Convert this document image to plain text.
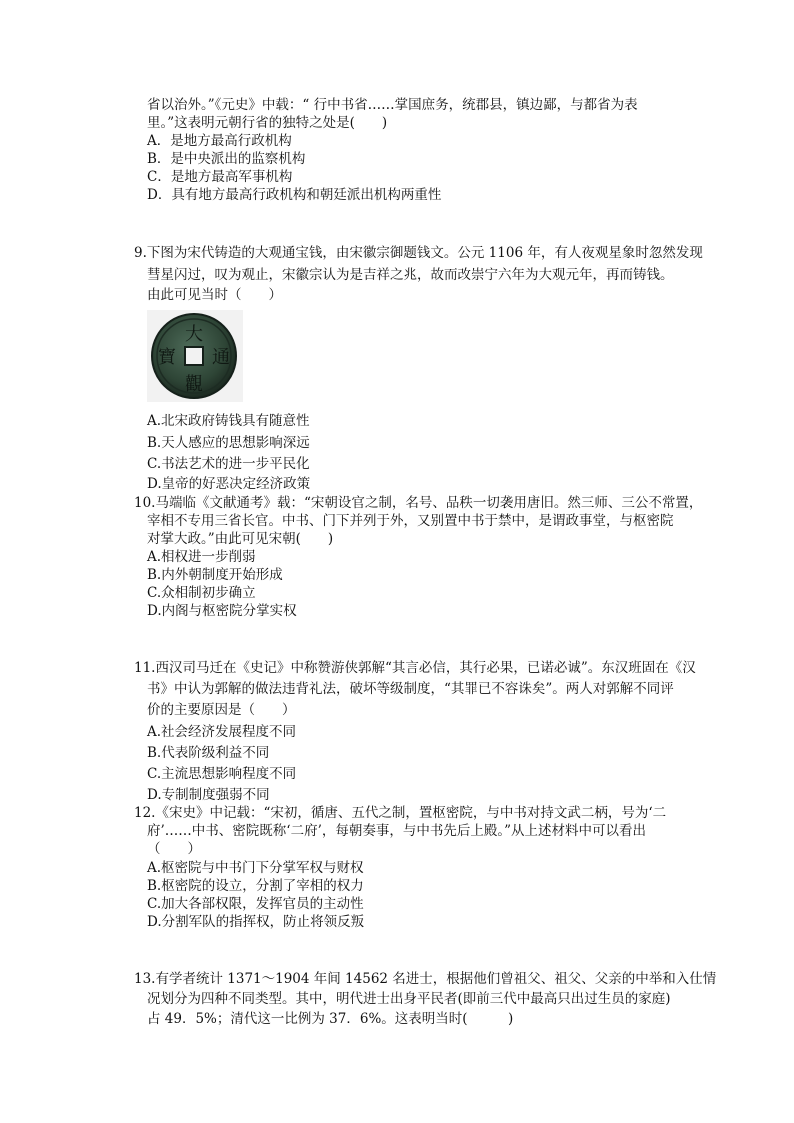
省以治外。”《元史》中载：“ 行中书省……掌国庶务，统郡县，镇边鄙，与都省为表
里。”这表明元朝行省的独特之处是(　　)
A．是地方最高行政机构
B．是中央派出的监察机构
C．是地方最高军事机构
D．具有地方最高行政机构和朝廷派出机构两重性
9.下图为宋代铸造的大观通宝钱，由宋徽宗御题钱文。公元 1106 年，有人夜观星象时忽然发现
彗星闪过，叹为观止，宋徽宗认为是吉祥之兆，故而改崇宁六年为大观元年，再而铸钱。
由此可见当时（　　）
大
觀
通
寶
A.北宋政府铸钱具有随意性
B.天人感应的思想影响深远
C.书法艺术的进一步平民化
D.皇帝的好恶决定经济政策
10.马端临《文献通考》载：“宋朝设官之制，名号、品秩一切袭用唐旧。然三师、三公不常置，
宰相不专用三省长官。中书、门下并列于外，又别置中书于禁中，是谓政事堂，与枢密院
对掌大政。”由此可见宋朝(　　)
A.相权进一步削弱
B.内外朝制度开始形成
C.众相制初步确立
D.内阁与枢密院分掌实权
11.西汉司马迁在《史记》中称赞游侠郭解“其言必信，其行必果，已诺必诚”。东汉班固在《汉
书》中认为郭解的做法违背礼法，破坏等级制度，“其罪已不容诛矣”。两人对郭解不同评
价的主要原因是（　　）
A.社会经济发展程度不同
B.代表阶级利益不同
C.主流思想影响程度不同
D.专制制度强弱不同
12.《宋史》中记载：“宋初，循唐、五代之制，置枢密院，与中书对持文武二柄，号为‘二
府’……中书、密院既称‘二府’，每朝奏事，与中书先后上殿。”从上述材料中可以看出
（　　）
A.枢密院与中书门下分掌军权与财权
B.枢密院的设立，分割了宰相的权力
C.加大各部权限，发挥官员的主动性
D.分割军队的指挥权，防止将领反叛
13.有学者统计 1371～1904 年间 14562 名进士，根据他们曾祖父、祖父、父亲的中举和入仕情
况划分为四种不同类型。其中，明代进士出身平民者(即前三代中最高只出过生员的家庭)
占 49．5%；清代这一比例为 37．6%。这表明当时(　　　)
